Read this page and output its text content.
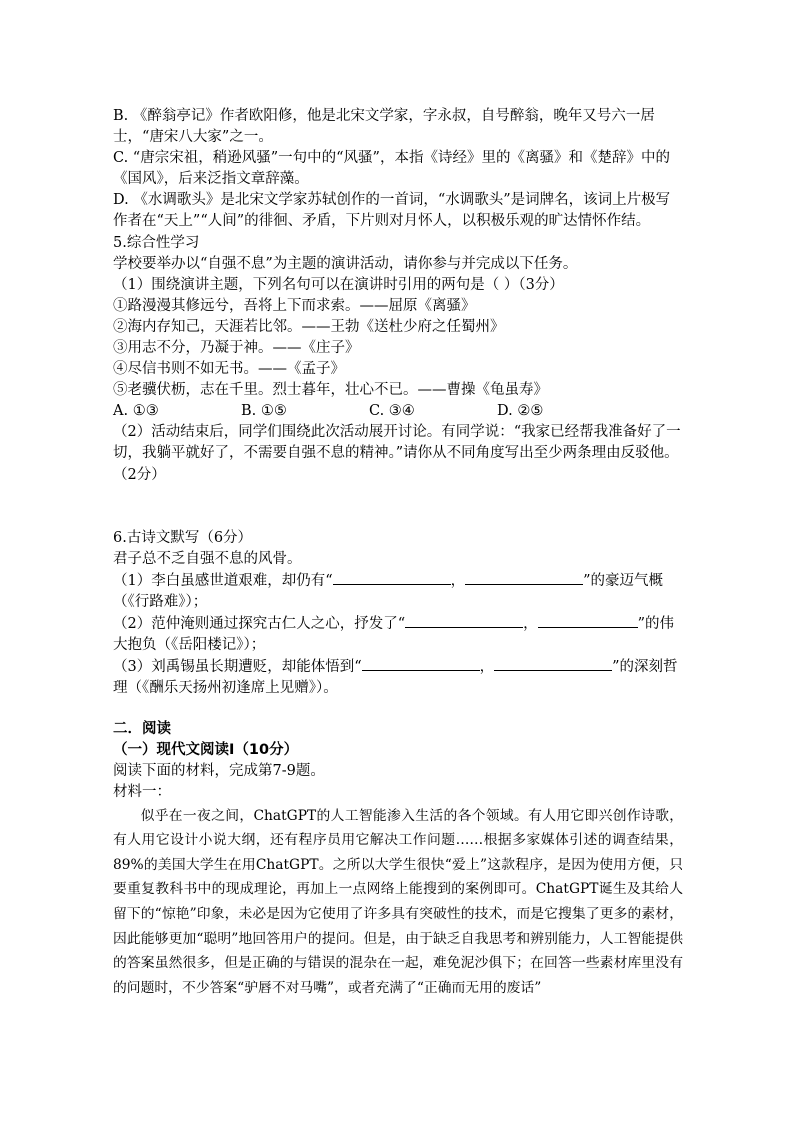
B. 《醉翁亭记》作者欧阳修，他是北宋文学家，字永叔，自号醉翁，晚年又号六一居士，“唐宋八大家”之一。

C. “唐宗宋祖，稍逊风骚”一句中的“风骚”，本指《诗经》里的《离骚》和《楚辞》中的《国风》，后来泛指文章辞藻。

D. 《水调歌头》是北宋文学家苏轼创作的一首词，“水调歌头”是词牌名，该词上片极写作者在“天上”“人间”的徘徊、矛盾，下片则对月怀人，以积极乐观的旷达情怀作结。

5.综合性学习

学校要举办以“自强不息”为主题的演讲活动，请你参与并完成以下任务。

（1）围绕演讲主题，下列名句可以在演讲时引用的两句是（ ）（3分）

①路漫漫其修远兮，吾将上下而求索。——屈原《离骚》

②海内存知己，天涯若比邻。——王勃《送杜少府之任蜀州》

③用志不分，乃凝于神。——《庄子》

④尽信书则不如无书。——《孟子》

⑤老骥伏枥，志在千里。烈士暮年，壮心不已。——曹操《龟虽寿》

A. ①③	B. ①⑤	C. ③④	D. ②⑤

（2）活动结束后，同学们围绕此次活动展开讨论。有同学说：“我家已经帮我准备好了一切，我躺平就好了，不需要自强不息的精神。”请你从不同角度写出至少两条理由反驳他。（2分）

6.古诗文默写（6分）

君子总不乏自强不息的风骨。

（1）李白虽感世道艰难，却仍有“	，	”的豪迈气概（《行路难》）；

（2）范仲淹则通过探究古仁人之心，抒发了“	，	”的伟大抱负（《岳阳楼记》）；

（3）刘禹锡虽长期遭贬，却能体悟到“	，	”的深刻哲理（《酬乐天扬州初逢席上见赠》）。

二．阅读

（一）现代文阅读Ⅰ（10分）

阅读下面的材料，完成第7-9题。

材料一：

似乎在一夜之间，ChatGPT的人工智能渗入生活的各个领域。有人用它即兴创作诗歌，有人用它设计小说大纲，还有程序员用它解决工作问题……根据多家媒体引述的调查结果，89%的美国大学生在用ChatGPT。之所以大学生很快“爱上”这款程序，是因为使用方便，只要重复教科书中的现成理论，再加上一点网络上能搜到的案例即可。ChatGPT诞生及其给人留下的“惊艳”印象，未必是因为它使用了许多具有突破性的技术，而是它搜集了更多的素材，因此能够更加“聪明”地回答用户的提问。但是，由于缺乏自我思考和辨别能力，人工智能提供的答案虽然很多，但是正确的与错误的混杂在一起，难免泥沙俱下；在回答一些素材库里没有的问题时，不少答案“驴唇不对马嘴”，或者充满了“正确而无用的废话”
